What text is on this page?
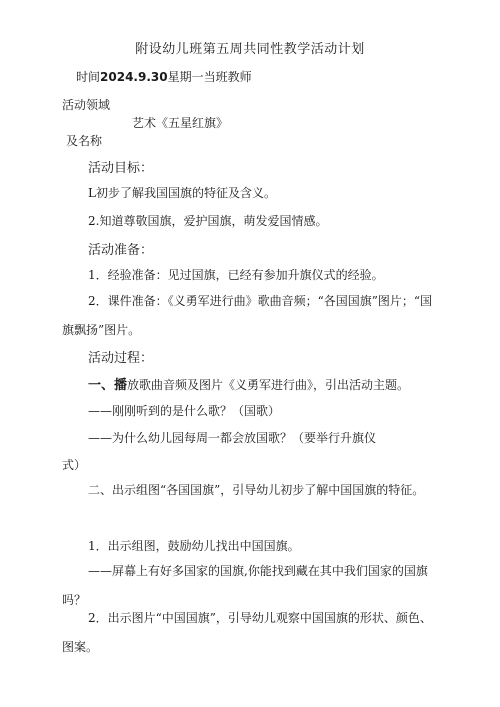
附设幼儿班第五周共同性教学活动计划
时间2024.9.30星期一当班教师
活动领域
艺术《五星红旗》
及名称
活动目标：
L初步了解我国国旗的特征及含义。
2.知道尊敬国旗，爱护国旗，萌发爱国情感。
活动准备：
1．经验准备：见过国旗，已经有参加升旗仪式的经验。
2．课件准备：《义勇军进行曲》歌曲音频；“各国国旗”图片；“国旗飘扬”图片。
活动过程：
一、播放歌曲音频及图片《义勇军进行曲》，引出活动主题。
——刚刚听到的是什么歌？（国歌）
——为什么幼儿园每周一都会放国歌？（要举行升旗仪
式）
二、出示组图“各国国旗”，引导幼儿初步了解中国国旗的特征。
1．出示组图，鼓励幼儿找出中国国旗。
——屏幕上有好多国家的国旗,你能找到藏在其中我们国家的国旗吗？
2．出示图片“中国国旗”，引导幼儿观察中国国旗的形状、颜色、图案。
